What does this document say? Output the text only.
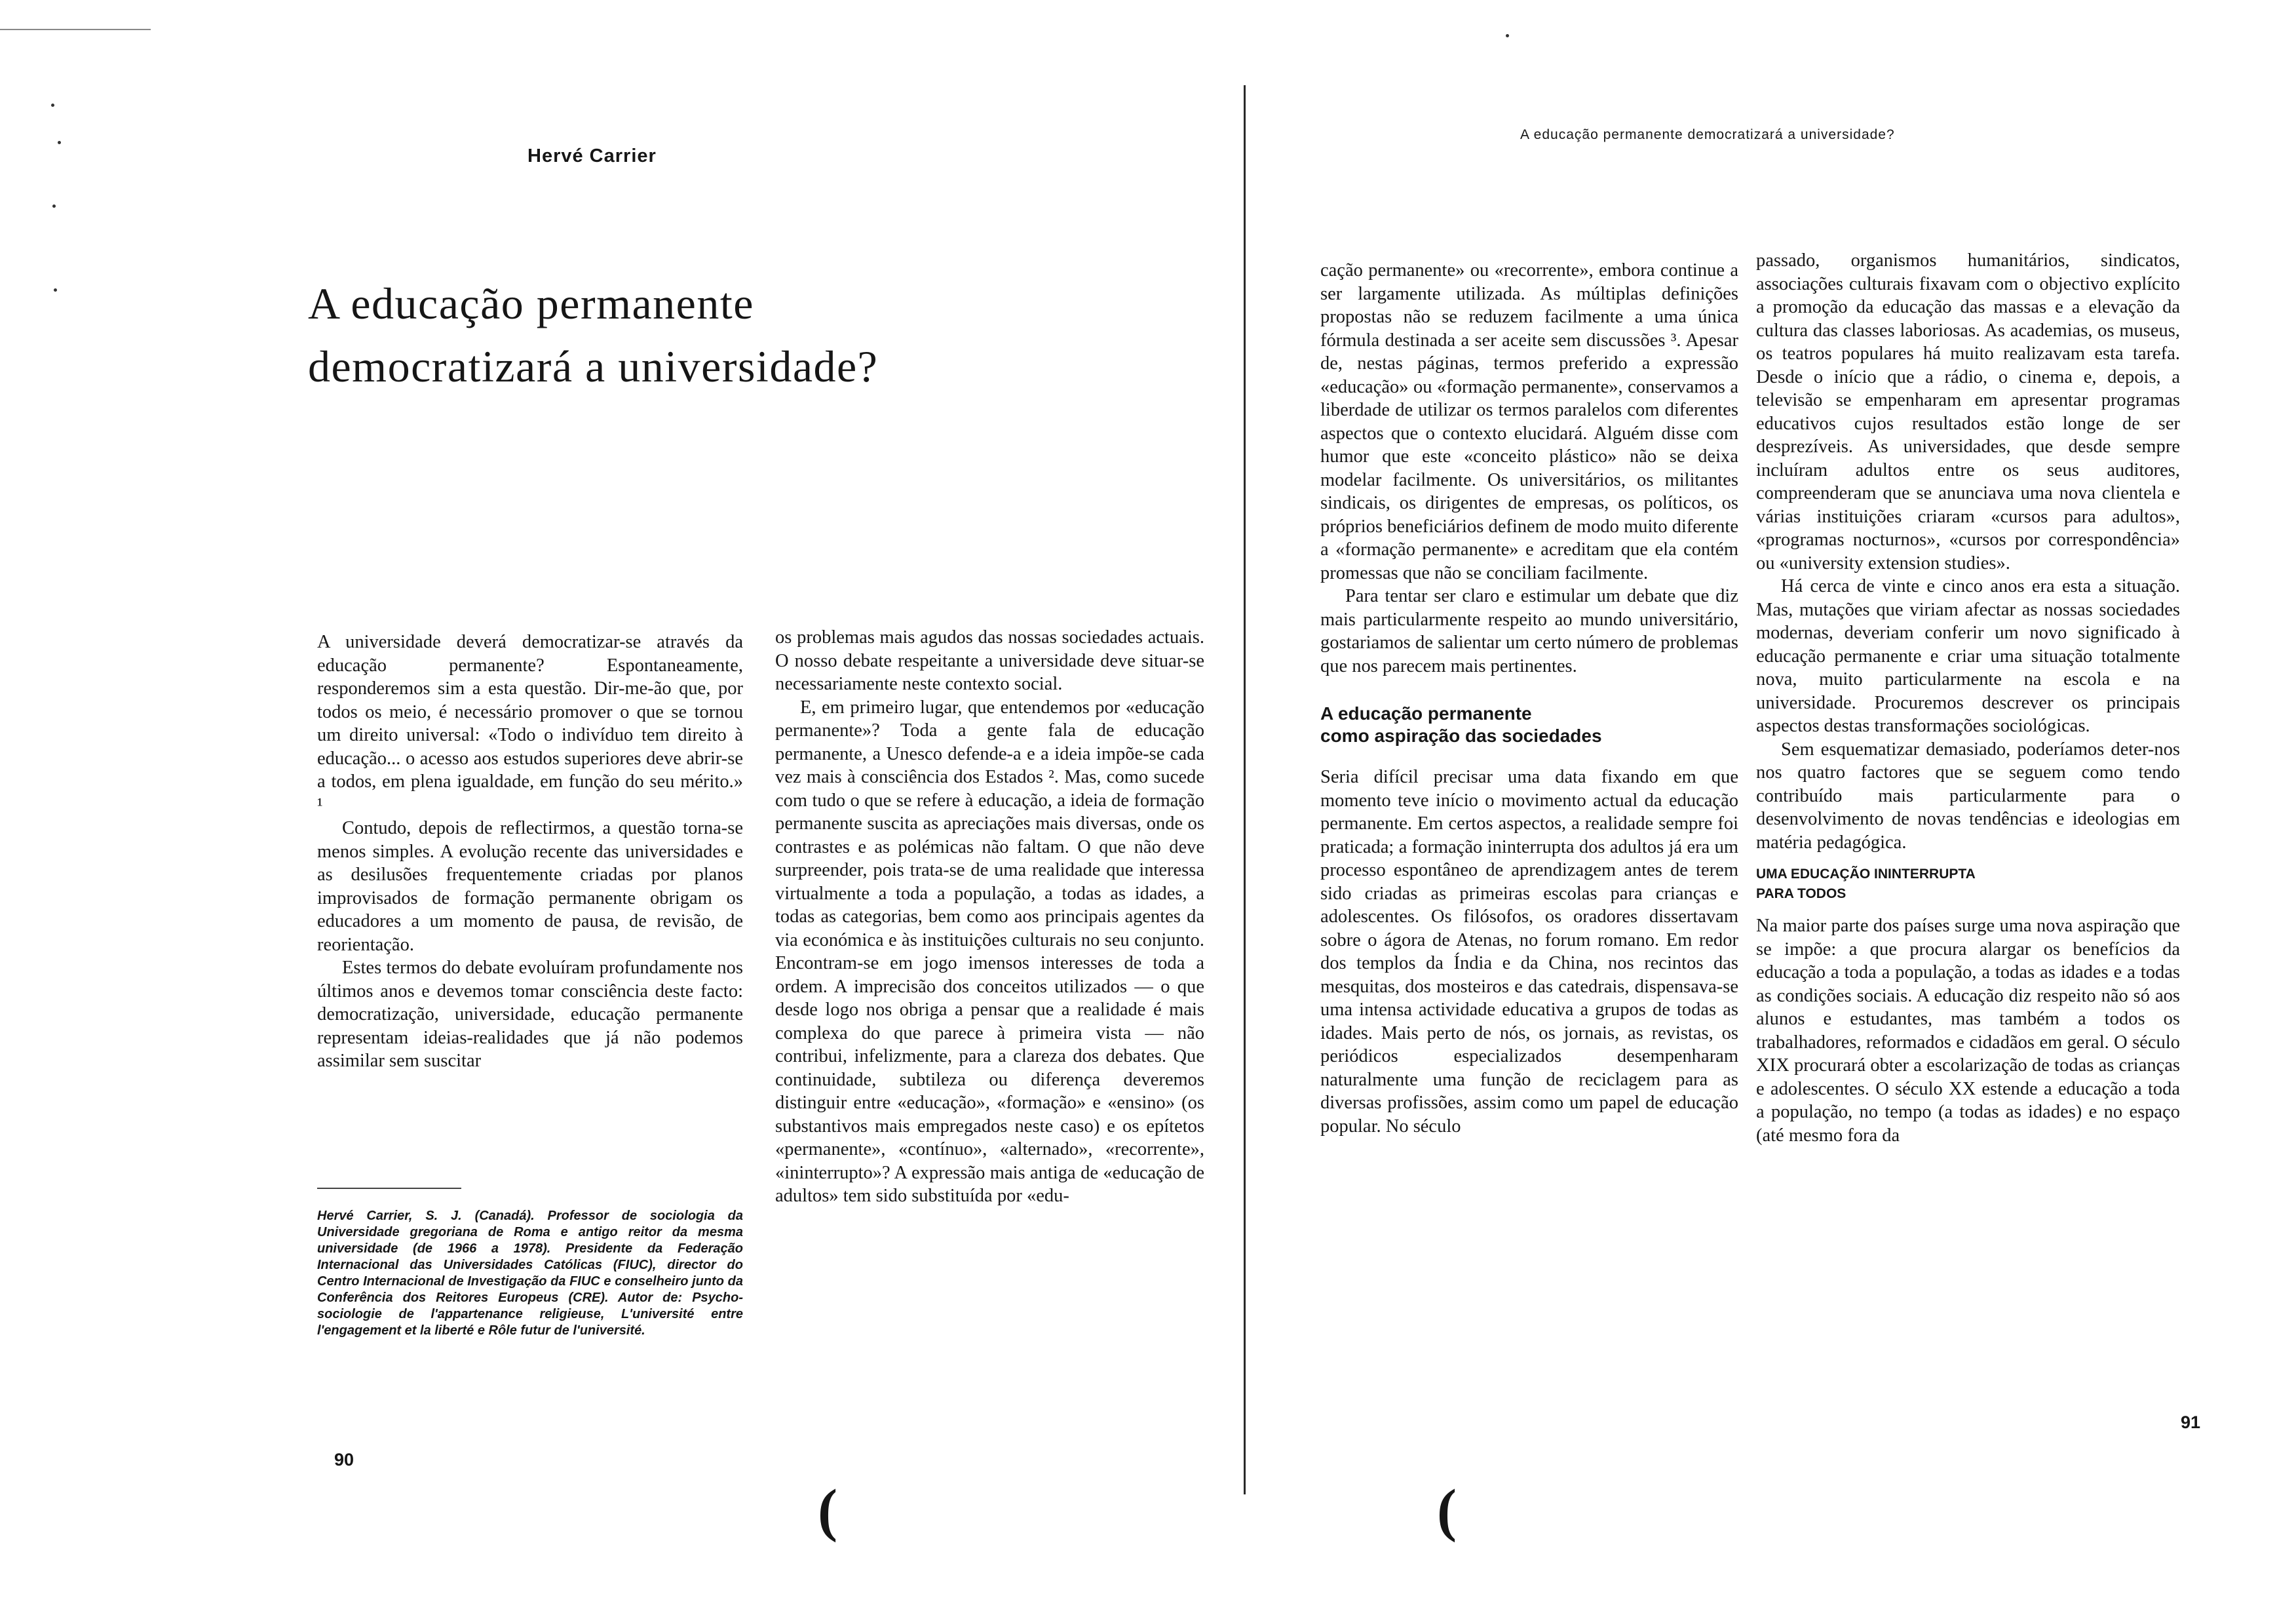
Hervé Carrier
A educação permanente
democratizará a universidade?

A universidade deverá democratizar-se através da educação permanente? Espontaneamente, responderemos sim a esta questão. Dir-me-ão que, por todos os meio, é necessário promover o que se tornou um direito universal: «Todo o indivíduo tem direito à educação... o acesso aos estudos superiores deve abrir-se a todos, em plena igualdade, em função do seu mérito.» ¹

Contudo, depois de reflectirmos, a questão torna-se menos simples. A evolução recente das universidades e as desilusões frequentemente criadas por planos improvisados de formação permanente obrigam os educadores a um momento de pausa, de revisão, de reorientação.

Estes termos do debate evoluíram profundamente nos últimos anos e devemos tomar consciência deste facto: democratização, universidade, educação permanente representam ideias-realidades que já não podemos assimilar sem suscitar

Hervé Carrier, S. J. (Canadá). Professor de sociologia da Universidade gregoriana de Roma e antigo reitor da mesma universidade (de 1966 a 1978). Presidente da Federação Internacional das Universidades Católicas (FIUC), director do Centro Internacional de Investigação da FIUC e conselheiro junto da Conferência dos Reitores Europeus (CRE). Autor de: Psycho-sociologie de l'appartenance religieuse, L'université entre l'engagement et la liberté e Rôle futur de l'université.

os problemas mais agudos das nossas sociedades actuais. O nosso debate respeitante a universidade deve situar-se necessariamente neste contexto social.

E, em primeiro lugar, que entendemos por «educação permanente»? Toda a gente fala de educação permanente, a Unesco defende-a e a ideia impõe-se cada vez mais à consciência dos Estados ². Mas, como sucede com tudo o que se refere à educação, a ideia de formação permanente suscita as apreciações mais diversas, onde os contrastes e as polémicas não faltam. O que não deve surpreender, pois trata-se de uma realidade que interessa virtualmente a toda a população, a todas as idades, a todas as categorias, bem como aos principais agentes da via económica e às instituições culturais no seu conjunto. Encontram-se em jogo imensos interesses de toda a ordem. A imprecisão dos conceitos utilizados — o que desde logo nos obriga a pensar que a realidade é mais complexa do que parece à primeira vista — não contribui, infelizmente, para a clareza dos debates. Que continuidade, subtileza ou diferença deveremos distinguir entre «educação», «formação» e «ensino» (os substantivos mais empregados neste caso) e os epítetos «permanente», «contínuo», «alternado», «recorrente», «ininterrupto»? A expressão mais antiga de «educação de adultos» tem sido substituída por «edu-

90
(
A educação permanente democratizará a universidade?

cação permanente» ou «recorrente», embora continue a ser largamente utilizada. As múltiplas definições propostas não se reduzem facilmente a uma única fórmula destinada a ser aceite sem discussões ³. Apesar de, nestas páginas, termos preferido a expressão «educação» ou «formação permanente», conservamos a liberdade de utilizar os termos paralelos com diferentes aspectos que o contexto elucidará. Alguém disse com humor que este «conceito plástico» não se deixa modelar facilmente. Os universitários, os militantes sindicais, os dirigentes de empresas, os políticos, os próprios beneficiários definem de modo muito diferente a «formação permanente» e acreditam que ela contém promessas que não se conciliam facilmente.

Para tentar ser claro e estimular um debate que diz mais particularmente respeito ao mundo universitário, gostariamos de salientar um certo número de problemas que nos parecem mais pertinentes.

A educação permanente
como aspiração das sociedades

Seria difícil precisar uma data fixando em que momento teve início o movimento actual da educação permanente. Em certos aspectos, a realidade sempre foi praticada; a formação ininterrupta dos adultos já era um processo espontâneo de aprendizagem antes de terem sido criadas as primeiras escolas para crianças e adolescentes. Os filósofos, os oradores dissertavam sobre o ágora de Atenas, no forum romano. Em redor dos templos da Índia e da China, nos recintos das mesquitas, dos mosteiros e das catedrais, dispensava-se uma intensa actividade educativa a grupos de todas as idades. Mais perto de nós, os jornais, as revistas, os periódicos especializados desempenharam naturalmente uma função de reciclagem para as diversas profissões, assim como um papel de educação popular. No século

passado, organismos humanitários, sindicatos, associações culturais fixavam com o objectivo explícito a promoção da educação das massas e a elevação da cultura das classes laboriosas. As academias, os museus, os teatros populares há muito realizavam esta tarefa. Desde o início que a rádio, o cinema e, depois, a televisão se empenharam em apresentar programas educativos cujos resultados estão longe de ser desprezíveis. As universidades, que desde sempre incluíram adultos entre os seus auditores, compreenderam que se anunciava uma nova clientela e várias instituições criaram «cursos para adultos», «programas nocturnos», «cursos por correspondência» ou «university extension studies».

Há cerca de vinte e cinco anos era esta a situação. Mas, mutações que viriam afectar as nossas sociedades modernas, deveriam conferir um novo significado à educação permanente e criar uma situação totalmente nova, muito particularmente na escola e na universidade. Procuremos descrever os principais aspectos destas transformações sociológicas.

Sem esquematizar demasiado, poderíamos deter-nos nos quatro factores que se seguem como tendo contribuído mais particularmente para o desenvolvimento de novas tendências e ideologias em matéria pedagógica.

UMA EDUCAÇÃO ININTERRUPTA
PARA TODOS

Na maior parte dos países surge uma nova aspiração que se impõe: a que procura alargar os benefícios da educação a toda a população, a todas as idades e a todas as condições sociais. A educação diz respeito não só aos alunos e estudantes, mas também a todos os trabalhadores, reformados e cidadãos em geral. O século XIX procurará obter a escolarização de todas as crianças e adolescentes. O século XX estende a educação a toda a população, no tempo (a todas as idades) e no espaço (até mesmo fora da

91
(
